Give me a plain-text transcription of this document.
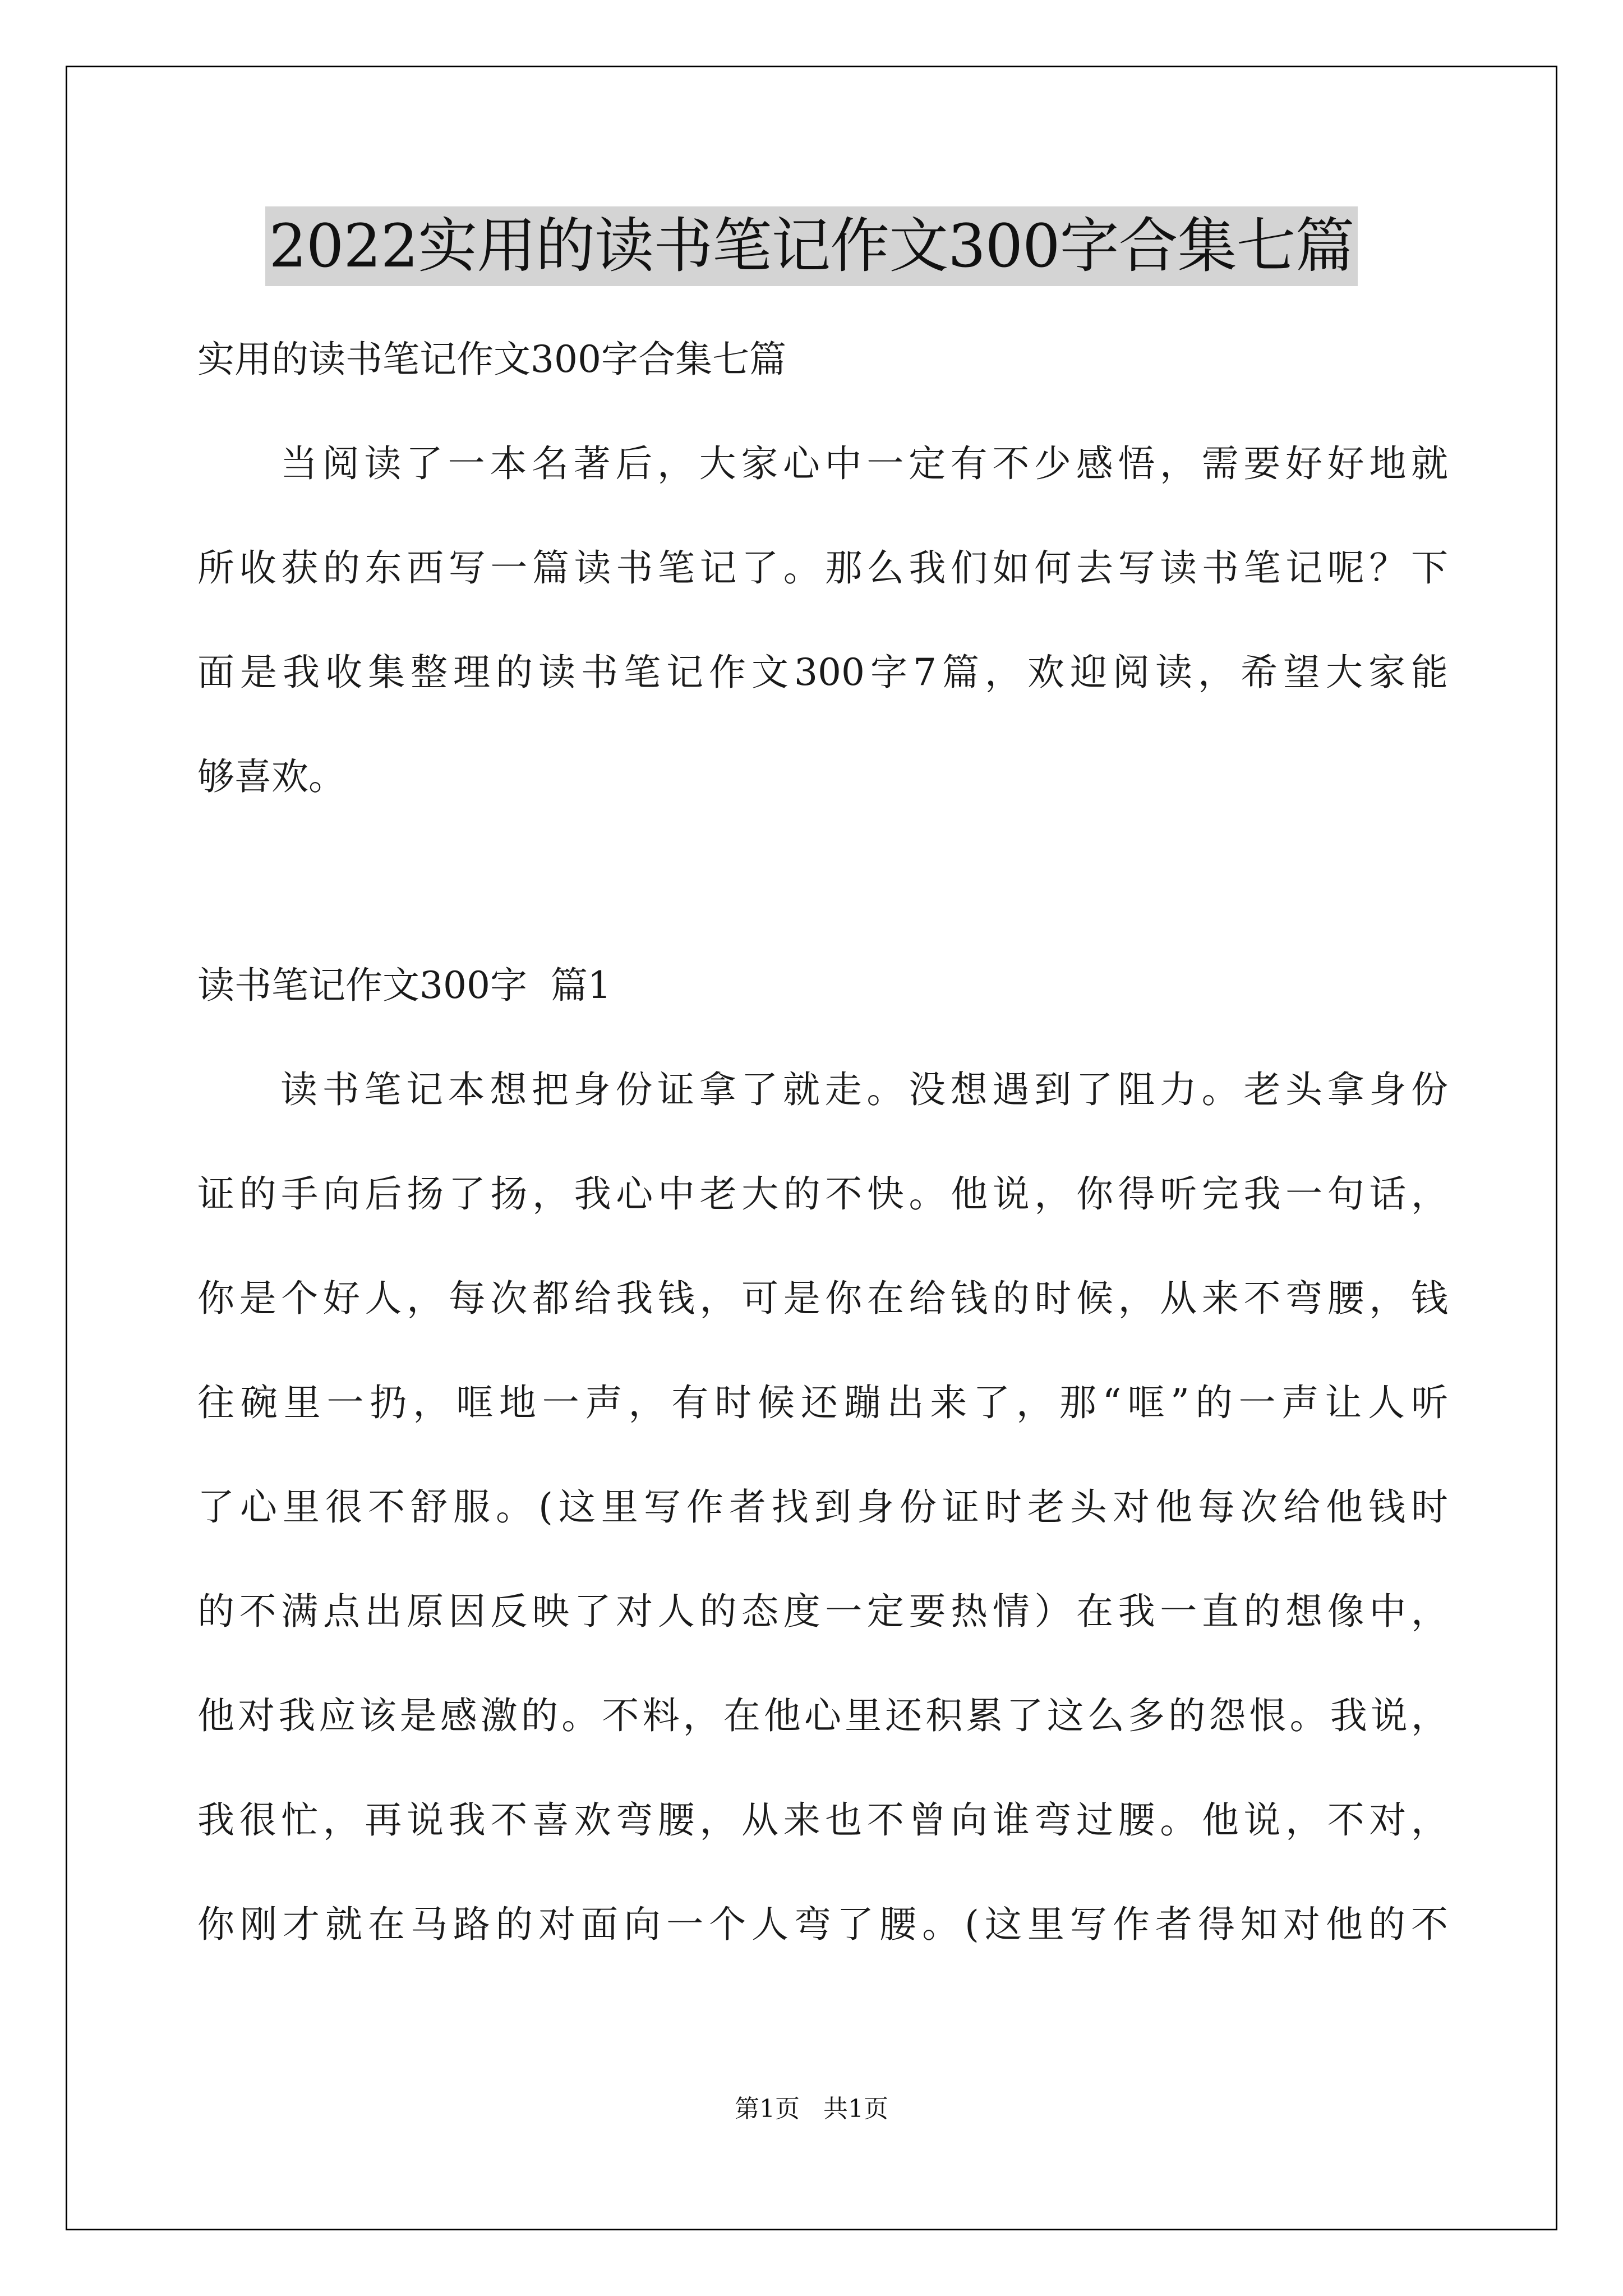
2022实用的读书笔记作文300字合集七篇
实用的读书笔记作文300字合集七篇
当阅读了一本名著后，大家心中一定有不少感悟，需要好好地就
所收获的东西写一篇读书笔记了。那么我们如何去写读书笔记呢？下
面是我收集整理的读书笔记作文300字7篇，欢迎阅读，希望大家能
够喜欢。
读书笔记作文300字  篇1
读书笔记本想把身份证拿了就走。没想遇到了阻力。老头拿身份
证的手向后扬了扬，我心中老大的不快。他说，你得听完我一句话，
你是个好人，每次都给我钱，可是你在给钱的时候，从来不弯腰，钱
往碗里一扔，哐地一声，有时候还蹦出来了，那“哐”的一声让人听
了心里很不舒服。(这里写作者找到身份证时老头对他每次给他钱时
的不满点出原因反映了对人的态度一定要热情）在我一直的想像中，
他对我应该是感激的。不料，在他心里还积累了这么多的怨恨。我说，
我很忙，再说我不喜欢弯腰，从来也不曾向谁弯过腰。他说，不对，
你刚才就在马路的对面向一个人弯了腰。(这里写作者得知对他的不
第1页 共1页
